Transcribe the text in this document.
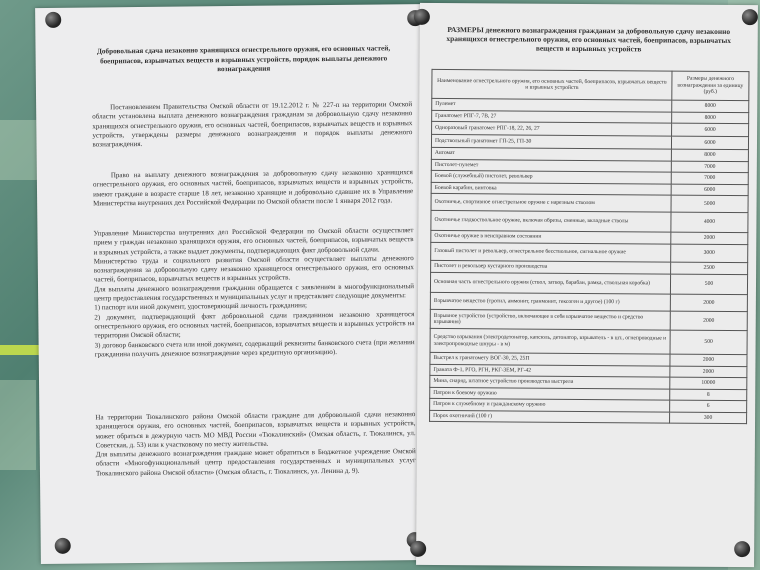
Добровольная сдача незаконно хранящихся огнестрельного оружия, его основных частей, боеприпасов, взрывчатых веществ и взрывных устройств, порядок выплаты денежного вознаграждения
Постановлением Правительства Омской области от 19.12.2012 г. № 227-п на территории Омской области установлена выплата денежного вознаграждения гражданам за добровольную сдачу незаконно хранящихся огнестрельного оружия, его основных частей, боеприпасов, взрывчатых веществ и взрывных устройств, утверждены размеры денежного вознаграждения и порядок выплаты денежного вознаграждения.
Право на выплату денежного вознаграждения за добровольную сдачу незаконно хранящихся огнестрельного оружия, его основных частей, боеприпасов, взрывчатых веществ и взрывных устройств, имеют граждане в возрасте старше 18 лет, незаконно хранящие и добровольно сдавшие их в Управление Министерства внутренних дел Российской Федерации по Омской области после 1 января 2012 года.
Управление Министерства внутренних дел Российской Федерации по Омской области осуществляет прием у граждан незаконно хранящихся оружия, его основных частей, боеприпасов, взрывчатых веществ и взрывных устройств, а также выдает документы, подтверждающих факт добровольной сдачи.
Министерство труда и социального развития Омской области осуществляет выплаты денежного вознаграждения за добровольную сдачу незаконно хранящегося огнестрельного оружия, его основных частей, боеприпасов, взрывчатых веществ и взрывных устройств.
Для выплаты денежного вознаграждения гражданин обращается с заявлением в многофункциональный центр предоставления государственных и муниципальных услуг и представляет следующие документы:
1) паспорт или иной документ, удостоверяющий личность гражданина;
2) документ, подтверждающий факт добровольной сдачи гражданином незаконно хранящегося огнестрельного оружия, его основных частей, боеприпасов, взрывчатых веществ и взрывных устройств на территории Омской области;
3) договор банковского счета или иной документ, содержащий реквизиты банковского счета (при желании гражданина получить денежное вознаграждение через кредитную организацию).
На территории Тюкалинского района Омской области граждане для добровольной сдачи незаконно хранящегося оружия, его основных частей, боеприпасов, взрывчатых веществ и взрывных устройств, может обраться в дежурную часть МО МВД России «Тюкалинский» (Омская область, г. Тюкалинск, ул. Советская, д. 53) или к участковому по месту жительства.
Для выплаты денежного вознаграждения граждане может обратиться в Бюджетное учреждение Омской области «Многофункциональный центр предоставления государственных и муниципальных услуг Тюкалинского района Омской области» (Омская область, г. Тюкалинск, ул. Ленина д. 9).
РАЗМЕРЫ денежного вознаграждения гражданам за добровольную сдачу незаконно хранящихся огнестрельного оружия, его основных частей, боеприпасов, взрывчатых веществ и взрывных устройств
Наименование огнестрельного оружия, его основных частей, боеприпасов, взрывчатых веществ и взрывных устройств	Размеры денежного вознаграждения за единицу (руб.)
Пулемет	8000
Гранатомет РПГ-7, 7В, 27	8000
Одноразовый гранатомет РПГ-18, 22, 26, 27	6000
Подствольный гранатомет ГП-25, ГП-30	6000
Автомат	8000
Пистолет-пулемет	7000
Боевой (служебный) пистолет, револьвер	7000
Боевой карабин, винтовка	6000
Охотничье, спортивное огнестрельное оружие с нарезным стволом	5000
Охотничье гладкоствольное оружие, включая обрезы, сменные, вкладные стволы	4000
Охотничье оружие в неисправном состоянии	2000
Газовый пистолет и револьвер, огнестрельное бесствольное, сигнальное оружие	3000
Пистолет и револьвер кустарного производства	2500
Основная часть огнестрельного оружия (ствол, затвор, барабан, рамка, ствольная коробка)	500
Взрывчатое вещество (тротил, аммонит, гранмонит, гексоген и другое) (100 г)	2000
Взрывное устройство (устройство, включающее в себя взрывчатое вещество и средство взрывания)	2000
Средство взрывания (электродетонатор, капсюль, детонатор, взрыватель - в шт., огнепроводные и электропроводные шнуры - в м)	500
Выстрел к гранатомету ВОГ-30, 25, 25П	2000
Граната Ф-1, РГО, РГН, РКГ-3ЕМ, РГ-42	2000
Мина, снаряд, штатное устройство производства выстрела	10000
Патрон к боевому оружию	8
Патрон к служебному и гражданскому оружию	6
Порох охотничий (100 г)	300
